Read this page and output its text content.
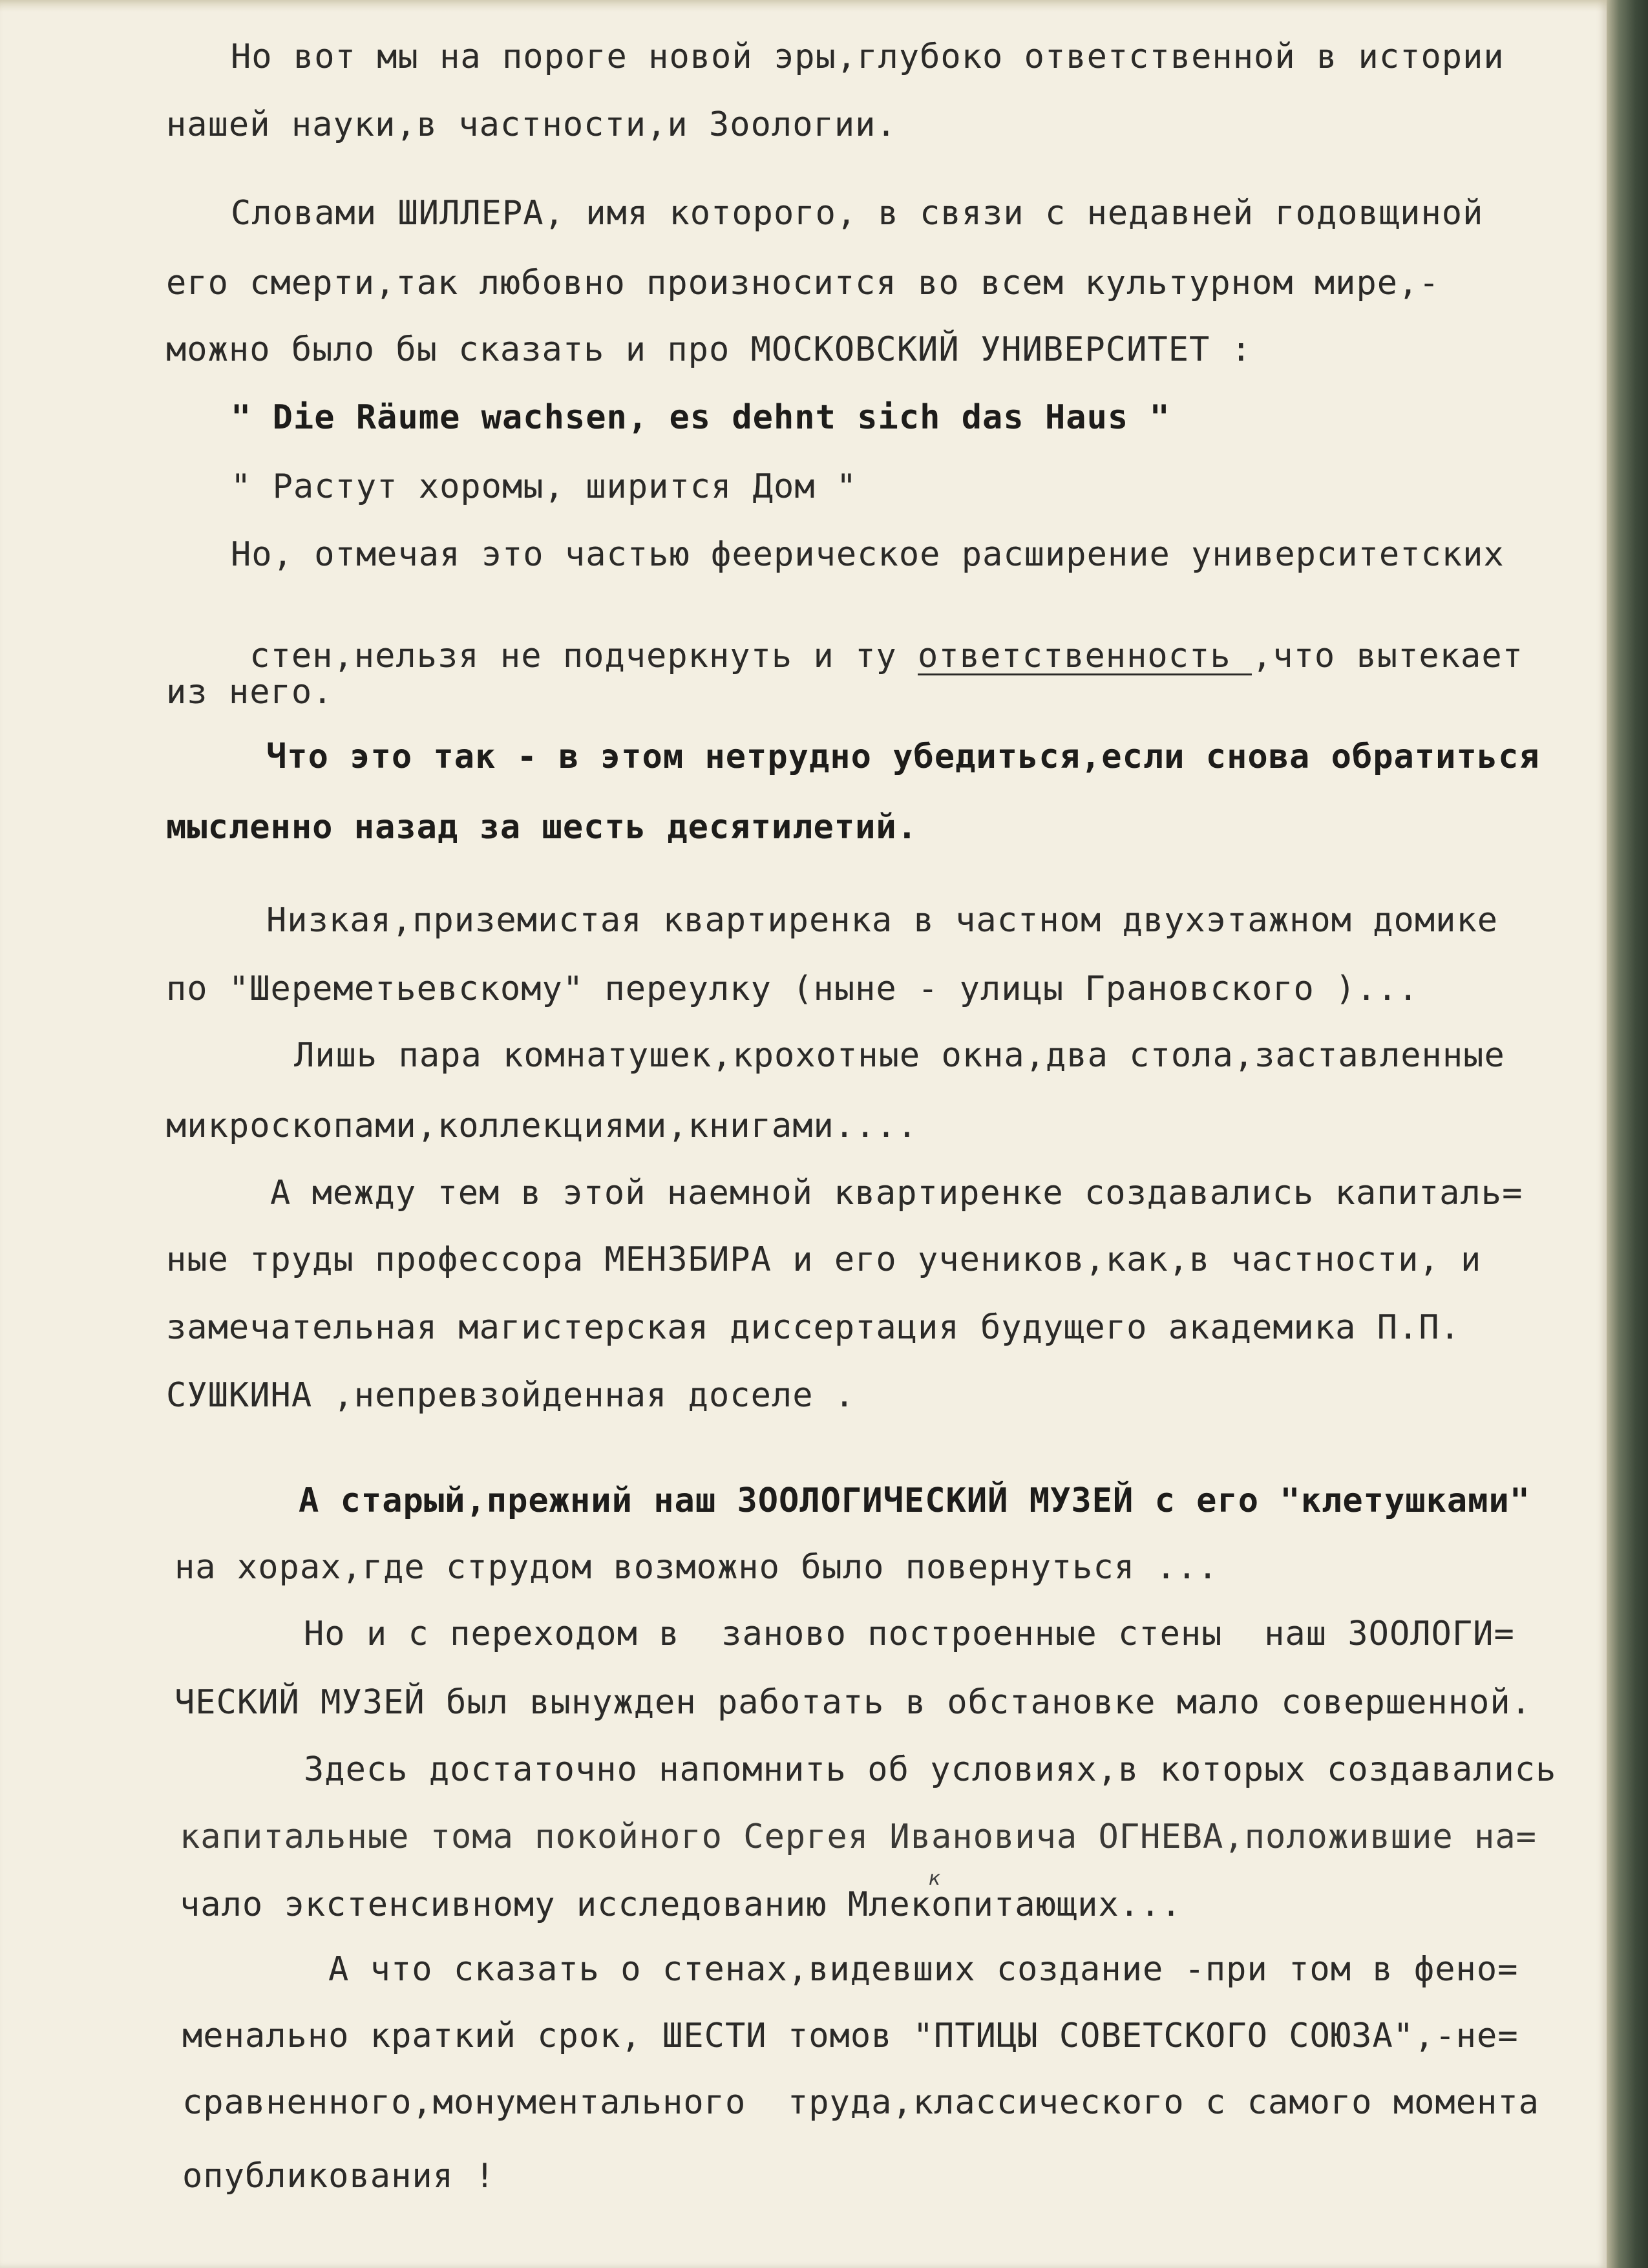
Но вот мы на пороге новой эры,глубоко ответственной в истории
нашей науки,в частности,и Зоологии.
Словами ШИЛЛЕРА, имя которого, в связи с недавней годовщиной
его смерти,так любовно произносится во всем культурном мире,-
можно было бы сказать и про МОСКОВСКИЙ УНИВЕРСИТЕТ :
" Die Räume wachsen, es dehnt sich das Haus "
" Растут хоромы, ширится Дом "
Но, отмечая это частью феерическое расширение университетских

стен,нельзя не подчеркнуть и ту ответственность ,что вытекает

из него.
Что это так - в этом нетрудно убедиться,если снова обратиться
мысленно назад за шесть десятилетий.
Низкая,приземистая квартиренка в частном двухэтажном домике
по "Шереметьевскому" переулку (ныне - улицы Грановского )...
Лишь пара комнатушек,крохотные окна,два стола,заставленные
микроскопами,коллекциями,книгами....
А между тем в этой наемной квартиренке создавались капиталь=
ные труды профессора МЕНЗБИРА и его учеников,как,в частности, и
замечательная магистерская диссертация будущего академика П.П.
СУШКИНА ,непревзойденная доселе .
А старый,прежний наш ЗООЛОГИЧЕСКИЙ МУЗЕЙ с его "клетушками"
на хорах,где струдом возможно было повернуться ...
Но и с переходом в  заново построенные стены  наш ЗООЛОГИ=
ЧЕСКИЙ МУЗЕЙ был вынужден работать в обстановке мало совершенной.
Здесь достаточно напомнить об условиях,в которых создавались
капитальные тома покойного Сергея Ивановича ОГНЕВА,положившие на=
чало экстенсивному исследованию Млекопитающих...
к
А что сказать о стенах,видевших создание -при том в фено=
менально краткий срок, ШЕСТИ томов "ПТИЦЫ СОВЕТСКОГО СОЮЗА",-не=
сравненного,монументального  труда,классического с самого момента
опубликования !
